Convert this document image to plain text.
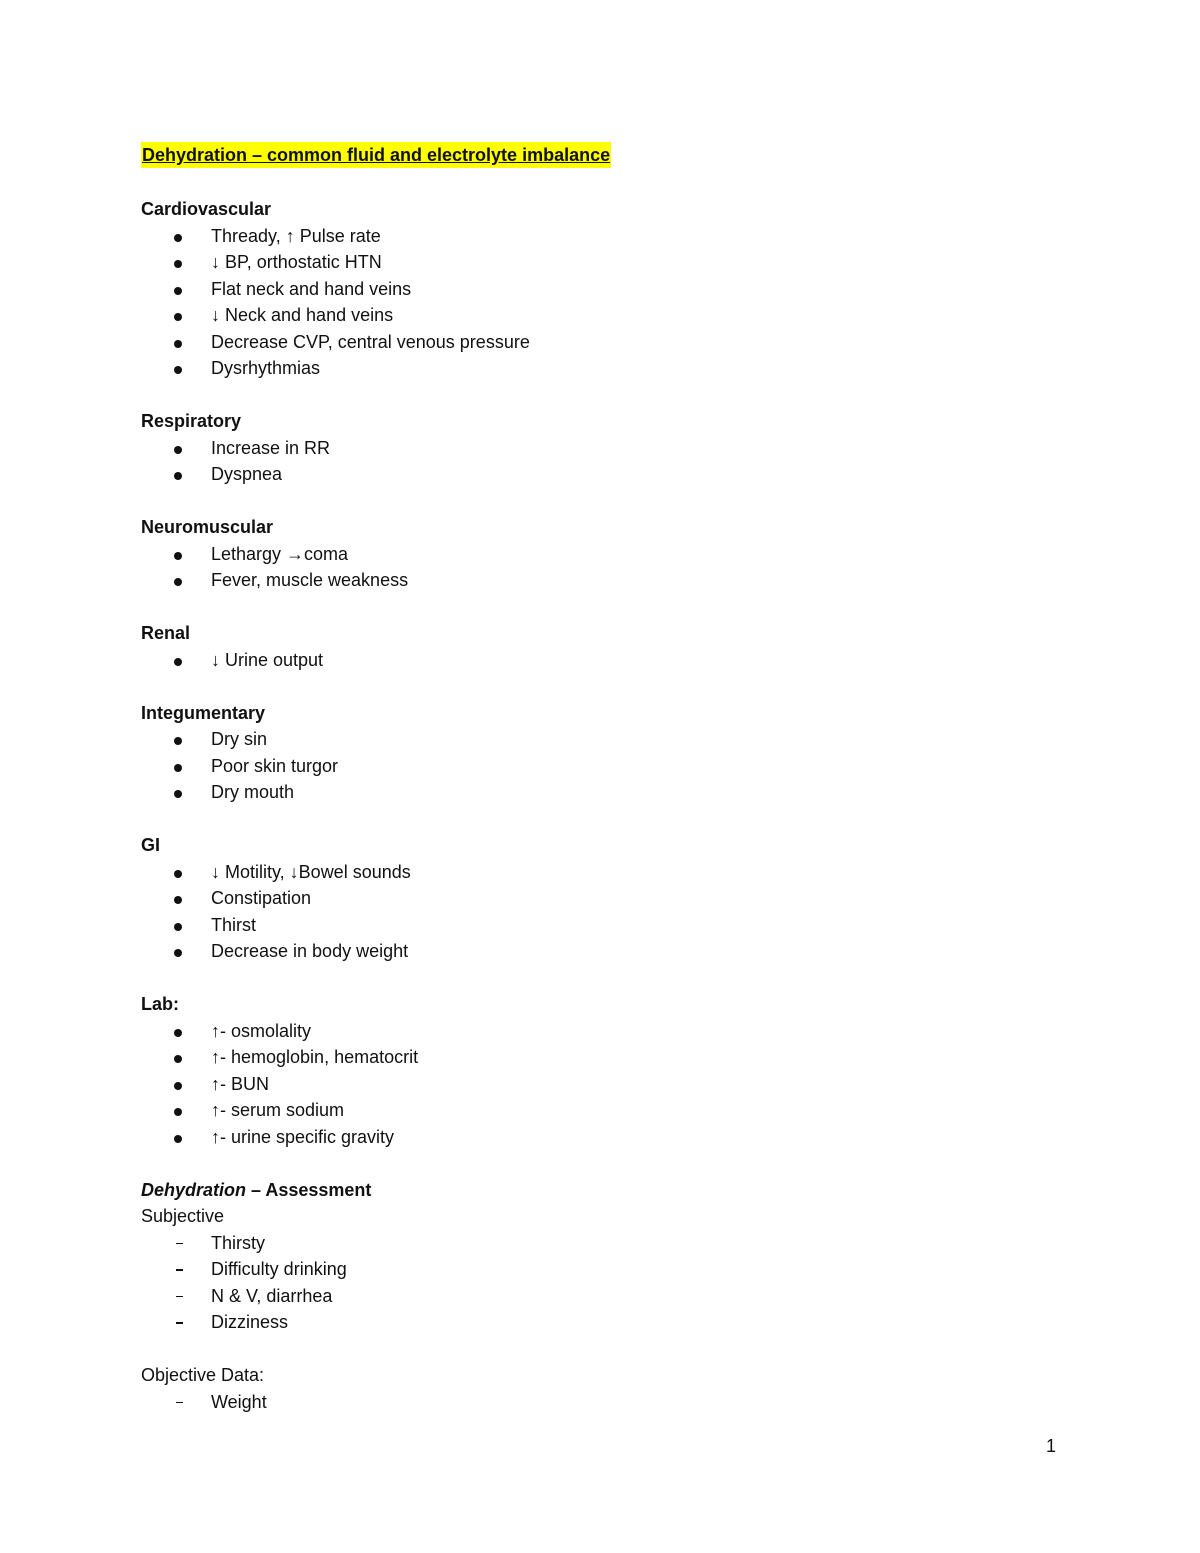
Dehydration – common fluid and electrolyte imbalance
Cardiovascular
Thready, ↑ Pulse rate
↓ BP, orthostatic HTN
Flat neck and hand veins
↓ Neck and hand veins
Decrease CVP, central venous pressure
Dysrhythmias
Respiratory
Increase in RR
Dyspnea
Neuromuscular
Lethargy →coma
Fever, muscle weakness
Renal
↓ Urine output
Integumentary
Dry sin
Poor skin turgor
Dry mouth
GI
↓ Motility, ↓Bowel sounds
Constipation
Thirst
Decrease in body weight
Lab:
↑- osmolality
↑- hemoglobin, hematocrit
↑- BUN
↑- serum sodium
↑- urine specific gravity
Dehydration – Assessment
Subjective
Thirsty
Difficulty drinking
N & V, diarrhea
Dizziness
Objective Data:
Weight
1
